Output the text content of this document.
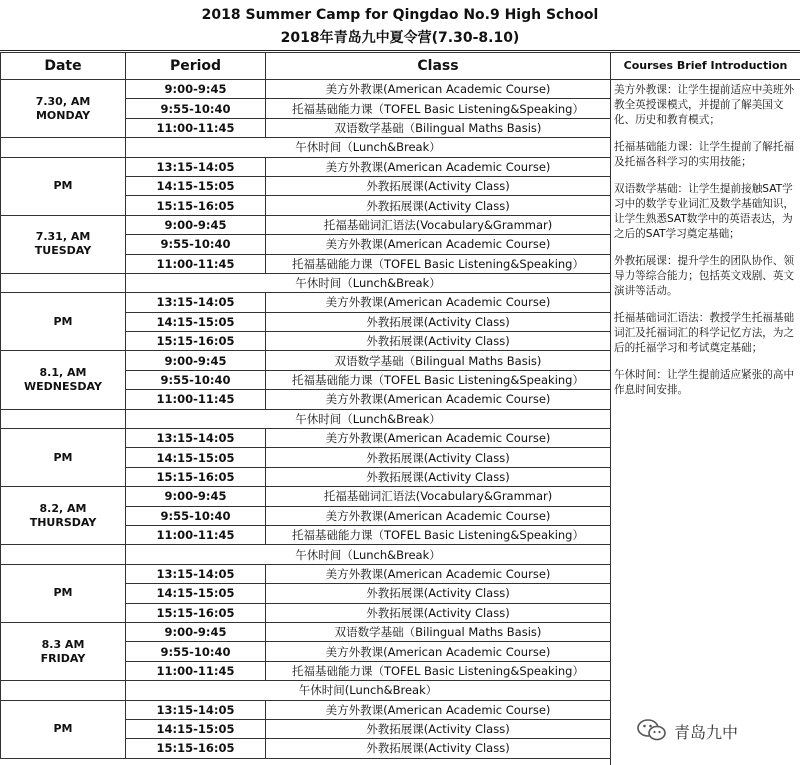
2018 Summer Camp for Qingdao No.9 High School
2018年青岛九中夏令营(7.30-8.10)
Date	Period	Class

7.30, AM
MONDAY	9:00-9:45	美方外教课(American Academic Course)
	9:55-10:40	托福基础能力课（TOFEL Basic Listening&Speaking）
	11:00-11:45	双语数学基础（Bilingual Maths Basis)
	午休时间（Lunch&Break）	
PM	13:15-14:05	美方外教课(American Academic Course)
	14:15-15:05	外教拓展课(Activity Class)
	15:15-16:05	外教拓展课(Activity Class)

7.31, AM
TUESDAY	9:00-9:45	托福基础词汇语法(Vocabulary&Grammar)
	9:55-10:40	美方外教课(American Academic Course)
	11:00-11:45	托福基础能力课（TOFEL Basic Listening&Speaking）
	午休时间（Lunch&Break）	
PM	13:15-14:05	美方外教课(American Academic Course)
	14:15-15:05	外教拓展课(Activity Class)
	15:15-16:05	外教拓展课(Activity Class)

8.1, AM
WEDNESDAY	9:00-9:45	双语数学基础（Bilingual Maths Basis)
	9:55-10:40	托福基础能力课（TOFEL Basic Listening&Speaking）
	11:00-11:45	美方外教课(American Academic Course)
	午休时间（Lunch&Break）	
PM	13:15-14:05	美方外教课(American Academic Course)
	14:15-15:05	外教拓展课(Activity Class)
	15:15-16:05	外教拓展课(Activity Class)

8.2, AM
THURSDAY	9:00-9:45	托福基础词汇语法(Vocabulary&Grammar)
	9:55-10:40	美方外教课(American Academic Course)
	11:00-11:45	托福基础能力课（TOFEL Basic Listening&Speaking）
	午休时间（Lunch&Break）	
PM	13:15-14:05	美方外教课(American Academic Course)
	14:15-15:05	外教拓展课(Activity Class)
	15:15-16:05	外教拓展课(Activity Class)

8.3 AM
FRIDAY	9:00-9:45	双语数学基础（Bilingual Maths Basis)
	9:55-10:40	美方外教课(American Academic Course)
	11:00-11:45	托福基础能力课（TOFEL Basic Listening&Speaking）
	午休时间(Lunch&Break）	
PM	13:15-14:05	美方外教课(American Academic Course)
	14:15-15:05	外教拓展课(Activity Class)
	15:15-16:05	外教拓展课(Activity Class)
Courses Brief Introduction

美方外教课：让学生提前适应中美班外教全英授课模式，并提前了解美国文化、历史和教育模式；

托福基础能力课：让学生提前了解托福及托福各科学习的实用技能；

双语数学基础：让学生提前接触SAT学习中的数学专业词汇及数学基础知识，让学生熟悉SAT数学中的英语表达，为之后的SAT学习奠定基础；

外教拓展课：提升学生的团队协作、领导力等综合能力；包括英文戏剧、英文演讲等活动。

托福基础词汇语法：教授学生托福基础词汇及托福词汇的科学记忆方法，为之后的托福学习和考试奠定基础；

午休时间：让学生提前适应紧张的高中作息时间安排。

青岛九中
